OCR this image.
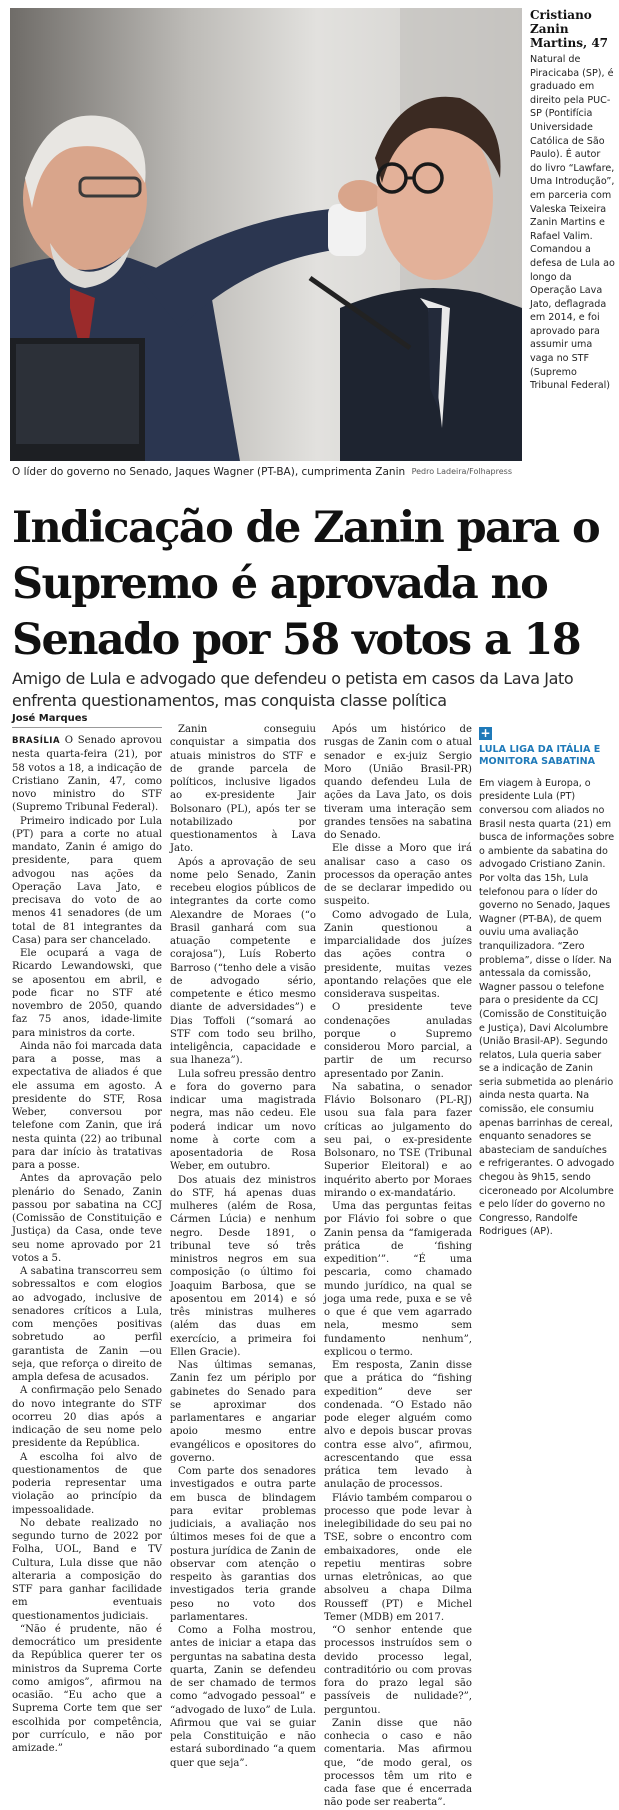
O líder do governo no Senado, Jaques Wagner (PT-BA), cumprimenta Zanin Pedro Ladeira/Folhapress
Cristiano Zanin Martins, 47
Natural de Piracicaba (SP), é graduado em direito pela PUC-SP (Pontifícia Universidade Católica de São Paulo). É autor do livro “Lawfare, Uma Introdução”, em parceria com Valeska Teixeira Zanin Martins e Rafael Valim. Comandou a defesa de Lula ao longo da Operação Lava Jato, deflagrada em 2014, e foi aprovado para assumir uma vaga no STF (Supremo Tribunal Federal)
Indicação de Zanin para o Supremo é aprovada no Senado por 58 votos a 18
Amigo de Lula e advogado que defendeu o petista em casos da Lava Jato enfrenta questionamentos, mas conquista classe política
José Marques

BRASÍLIA O Senado aprovou nesta quarta-feira (21), por 58 votos a 18, a indicação de Cristiano Zanin, 47, como novo ministro do STF (Supremo Tribunal Federal).

Primeiro indicado por Lula (PT) para a corte no atual mandato, Zanin é amigo do presidente, para quem advogou nas ações da Operação Lava Jato, e precisava do voto de ao menos 41 senadores (de um total de 81 integrantes da Casa) para ser chancelado.

Ele ocupará a vaga de Ricardo Lewandowski, que se aposentou em abril, e pode ficar no STF até novembro de 2050, quando faz 75 anos, idade-limite para ministros da corte.

Ainda não foi marcada data para a posse, mas a expectativa de aliados é que ele assuma em agosto. A presidente do STF, Rosa Weber, conversou por telefone com Zanin, que irá nesta quinta (22) ao tribunal para dar início às tratativas para a posse.

Antes da aprovação pelo plenário do Senado, Zanin passou por sabatina na CCJ (Comissão de Constituição e Justiça) da Casa, onde teve seu nome aprovado por 21 votos a 5.

A sabatina transcorreu sem sobressaltos e com elogios ao advogado, inclusive de senadores críticos a Lula, com menções positivas sobretudo ao perfil garantista de Zanin —ou seja, que reforça o direito de ampla defesa de acusados.

A confirmação pelo Senado do novo integrante do STF ocorreu 20 dias após a indicação de seu nome pelo presidente da República.

A escolha foi alvo de questionamentos de que poderia representar uma violação ao princípio da impessoalidade.

No debate realizado no segundo turno de 2022 por Folha, UOL, Band e TV Cultura, Lula disse que não alteraria a composição do STF para ganhar facilidade em eventuais questionamentos judiciais.

“Não é prudente, não é democrático um presidente da República querer ter os ministros da Suprema Corte como amigos”, afirmou na ocasião. “Eu acho que a Suprema Corte tem que ser escolhida por competência, por currículo, e não por amizade.”

Zanin conseguiu conquistar a simpatia dos atuais ministros do STF e de grande parcela de políticos, inclusive ligados ao ex-presidente Jair Bolsonaro (PL), após ter se notabilizado por questionamentos à Lava Jato.

Após a aprovação de seu nome pelo Senado, Zanin recebeu elogios públicos de integrantes da corte como Alexandre de Moraes (“o Brasil ganhará com sua atuação competente e corajosa”), Luís Roberto Barroso (“tenho dele a visão de advogado sério, competente e ético mesmo diante de adversidades”) e Dias Toffoli (“somará ao STF com todo seu brilho, inteligência, capacidade e sua lhaneza”).

Lula sofreu pressão dentro e fora do governo para indicar uma magistrada negra, mas não cedeu. Ele poderá indicar um novo nome à corte com a aposentadoria de Rosa Weber, em outubro.

Dos atuais dez ministros do STF, há apenas duas mulheres (além de Rosa, Cármen Lúcia) e nenhum negro. Desde 1891, o tribunal teve só três ministros negros em sua composição (o último foi Joaquim Barbosa, que se aposentou em 2014) e só três ministras mulheres (além das duas em exercício, a primeira foi Ellen Gracie).

Nas últimas semanas, Zanin fez um périplo por gabinetes do Senado para se aproximar dos parlamentares e angariar apoio mesmo entre evangélicos e opositores do governo.

Com parte dos senadores investigados e outra parte em busca de blindagem para evitar problemas judiciais, a avaliação nos últimos meses foi de que a postura jurídica de Zanin de observar com atenção o respeito às garantias dos investigados teria grande peso no voto dos parlamentares.

Como a Folha mostrou, antes de iniciar a etapa das perguntas na sabatina desta quarta, Zanin se defendeu de ser chamado de termos como “advogado pessoal” e “advogado de luxo” de Lula. Afirmou que vai se guiar pela Constituição e não estará subordinado “a quem quer que seja”.

Após um histórico de rusgas de Zanin com o atual senador e ex-juiz Sergio Moro (União Brasil-PR) quando defendeu Lula de ações da Lava Jato, os dois tiveram uma interação sem grandes tensões na sabatina do Senado.

Ele disse a Moro que irá analisar caso a caso os processos da operação antes de se declarar impedido ou suspeito.

Como advogado de Lula, Zanin questionou a imparcialidade dos juízes das ações contra o presidente, muitas vezes apontando relações que ele considerava suspeitas.

O presidente teve condenações anuladas porque o Supremo considerou Moro parcial, a partir de um recurso apresentado por Zanin.

Na sabatina, o senador Flávio Bolsonaro (PL-RJ) usou sua fala para fazer críticas ao julgamento do seu pai, o ex-presidente Bolsonaro, no TSE (Tribunal Superior Eleitoral) e ao inquérito aberto por Moraes mirando o ex-mandatário.

Uma das perguntas feitas por Flávio foi sobre o que Zanin pensa da “famigerada prática de ‘fishing expedition’”. “É uma pescaria, como chamado mundo jurídico, na qual se joga uma rede, puxa e se vê o que é que vem agarrado nela, mesmo sem fundamento nenhum”, explicou o termo.

Em resposta, Zanin disse que a prática do “fishing expedition” deve ser condenada. “O Estado não pode eleger alguém como alvo e depois buscar provas contra esse alvo”, afirmou, acrescentando que essa prática tem levado à anulação de processos.

Flávio também comparou o processo que pode levar à inelegibilidade do seu pai no TSE, sobre o encontro com embaixadores, onde ele repetiu mentiras sobre urnas eletrônicas, ao que absolveu a chapa Dilma Rousseff (PT) e Michel Temer (MDB) em 2017.

“O senhor entende que processos instruídos sem o devido processo legal, contraditório ou com provas fora do prazo legal são passíveis de nulidade?”, perguntou.

Zanin disse que não conhecia o caso e não comentaria. Mas afirmou que, “de modo geral, os processos têm um rito e cada fase que é encerrada não pode ser reaberta”.

+
LULA LIGA DA ITÁLIA E MONITORA SABATINA
Em viagem à Europa, o presidente Lula (PT) conversou com aliados no Brasil nesta quarta (21) em busca de informações sobre o ambiente da sabatina do advogado Cristiano Zanin. Por volta das 15h, Lula telefonou para o líder do governo no Senado, Jaques Wagner (PT-BA), de quem ouviu uma avaliação tranquilizadora. “Zero problema”, disse o líder. Na antessala da comissão, Wagner passou o telefone para o presidente da CCJ (Comissão de Constituição e Justiça), Davi Alcolumbre (União Brasil-AP). Segundo relatos, Lula queria saber se a indicação de Zanin seria submetida ao plenário ainda nesta quarta. Na comissão, ele consumiu apenas barrinhas de cereal, enquanto senadores se abasteciam de sanduíches e refrigerantes. O advogado chegou às 9h15, sendo ciceroneado por Alcolumbre e pelo líder do governo no Congresso, Randolfe Rodrigues (AP).
